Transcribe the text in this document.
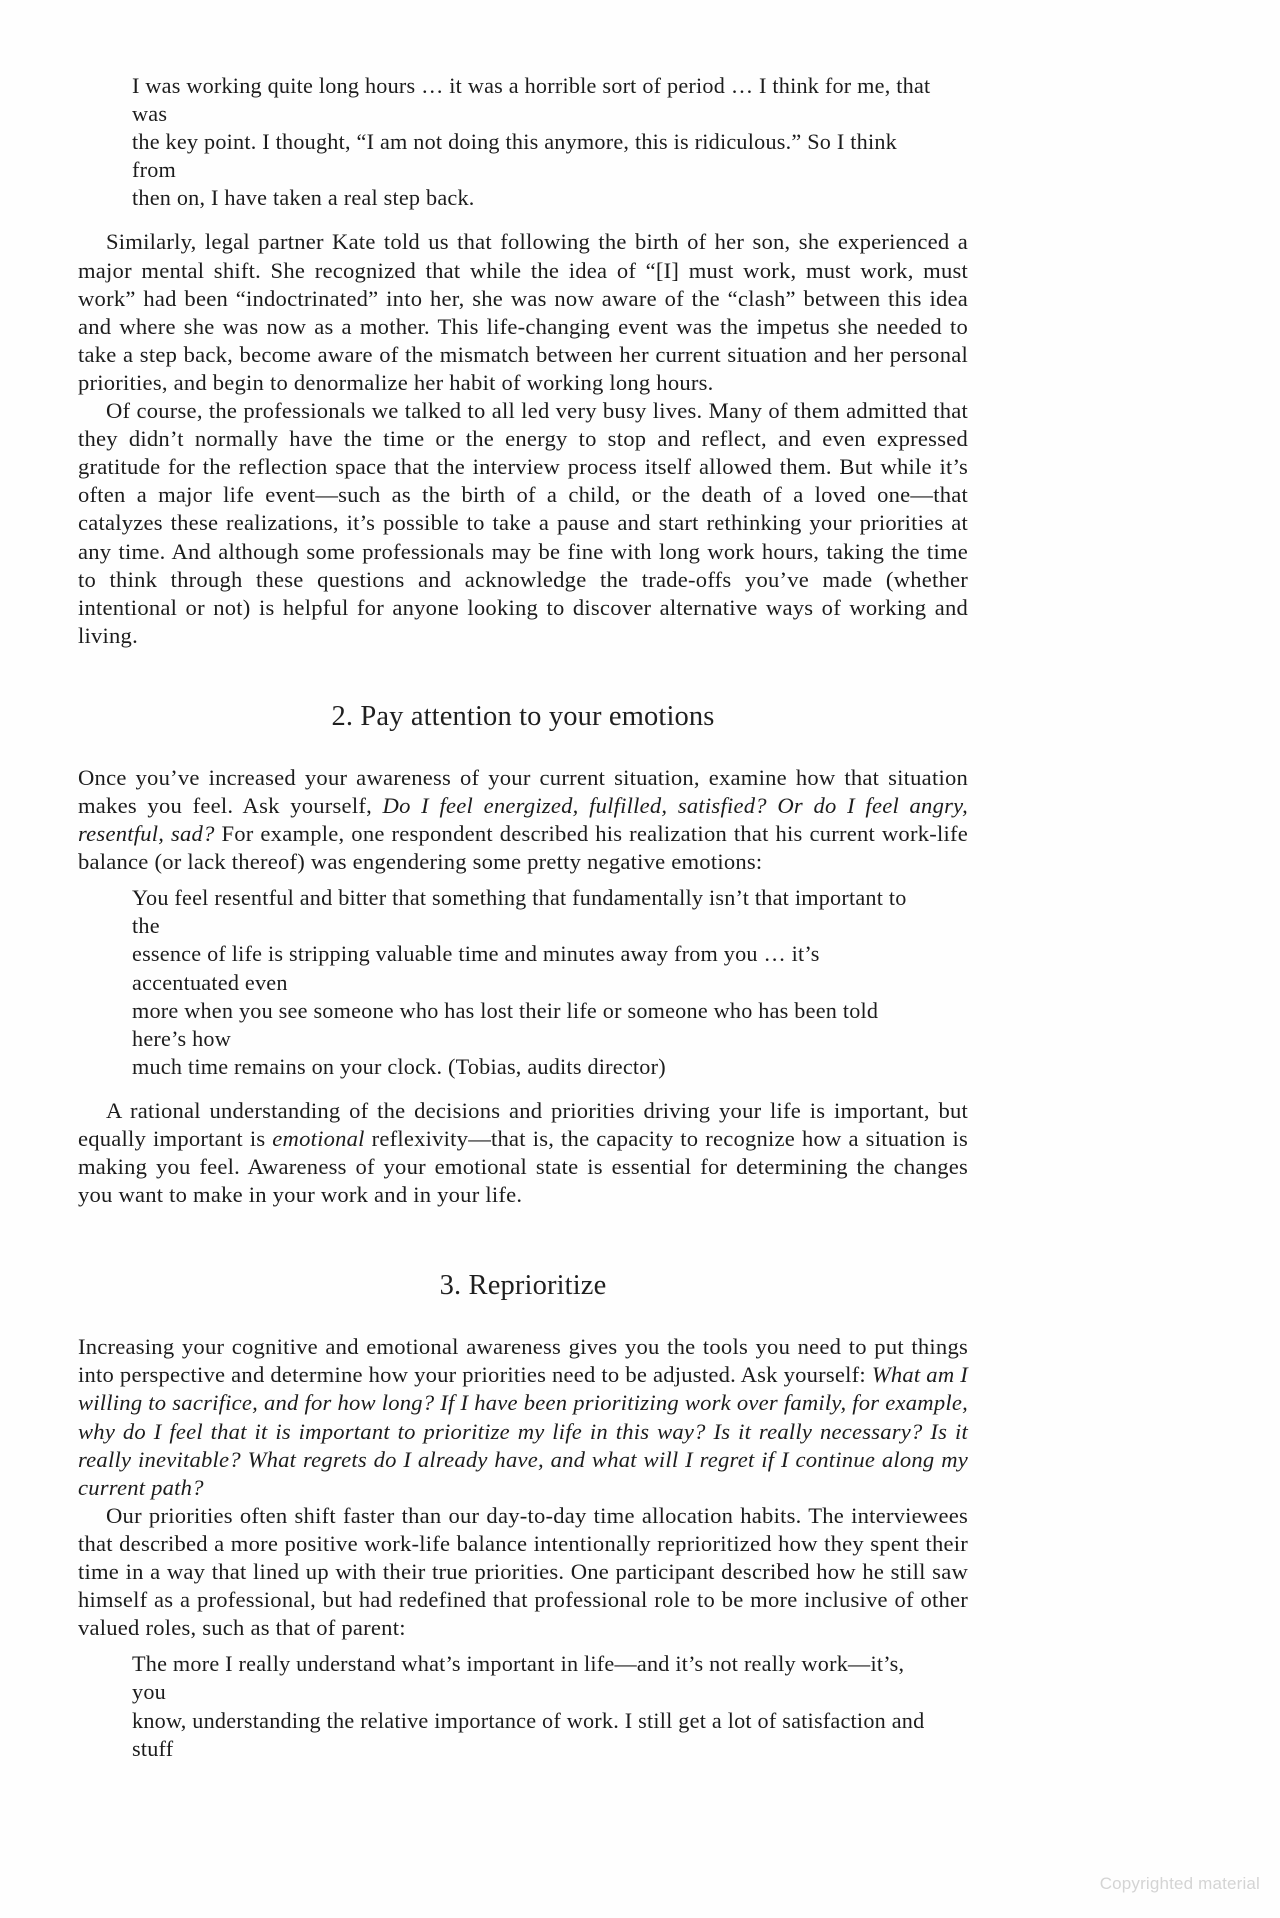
I was working quite long hours … it was a horrible sort of period … I think for me, that was

the key point. I thought, “I am not doing this anymore, this is ridiculous.” So I think from

then on, I have taken a real step back.

Similarly, legal partner Kate told us that following the birth of her son, she experienced a major mental shift. She recognized that while the idea of “[I] must work, must work, must work” had been “indoctrinated” into her, she was now aware of the “clash” between this idea and where she was now as a mother. This life-changing event was the impetus she needed to take a step back, become aware of the mismatch between her current situation and her personal priorities, and begin to denormalize her habit of working long hours.

Of course, the professionals we talked to all led very busy lives. Many of them admitted that they didn’t normally have the time or the energy to stop and reflect, and even expressed gratitude for the reflection space that the interview process itself allowed them. But while it’s often a major life event—such as the birth of a child, or the death of a loved one—that catalyzes these realizations, it’s possible to take a pause and start rethinking your priorities at any time. And although some professionals may be fine with long work hours, taking the time to think through these questions and acknowledge the trade-offs you’ve made (whether intentional or not) is helpful for anyone looking to discover alternative ways of working and living.

2. Pay attention to your emotions

Once you’ve increased your awareness of your current situation, examine how that situation makes you feel. Ask yourself, Do I feel energized, fulfilled, satisfied? Or do I feel angry, resentful, sad? For example, one respondent described his realization that his current work-life balance (or lack thereof) was engendering some pretty negative emotions:

You feel resentful and bitter that something that fundamentally isn’t that important to the

essence of life is stripping valuable time and minutes away from you … it’s accentuated even

more when you see someone who has lost their life or someone who has been told here’s how

much time remains on your clock. (Tobias, audits director)

A rational understanding of the decisions and priorities driving your life is important, but equally important is emotional reflexivity—that is, the capacity to recognize how a situation is making you feel. Awareness of your emotional state is essential for determining the changes you want to make in your work and in your life.

3. Reprioritize

Increasing your cognitive and emotional awareness gives you the tools you need to put things into perspective and determine how your priorities need to be adjusted. Ask yourself: What am I willing to sacrifice, and for how long? If I have been prioritizing work over family, for example, why do I feel that it is important to prioritize my life in this way? Is it really necessary? Is it really inevitable? What regrets do I already have, and what will I regret if I continue along my current path?

Our priorities often shift faster than our day-to-day time allocation habits. The interviewees that described a more positive work-life balance intentionally reprioritized how they spent their time in a way that lined up with their true priorities. One participant described how he still saw himself as a professional, but had redefined that professional role to be more inclusive of other valued roles, such as that of parent:

The more I really understand what’s important in life—and it’s not really work—it’s, you

know, understanding the relative importance of work. I still get a lot of satisfaction and stuff

Copyrighted material
